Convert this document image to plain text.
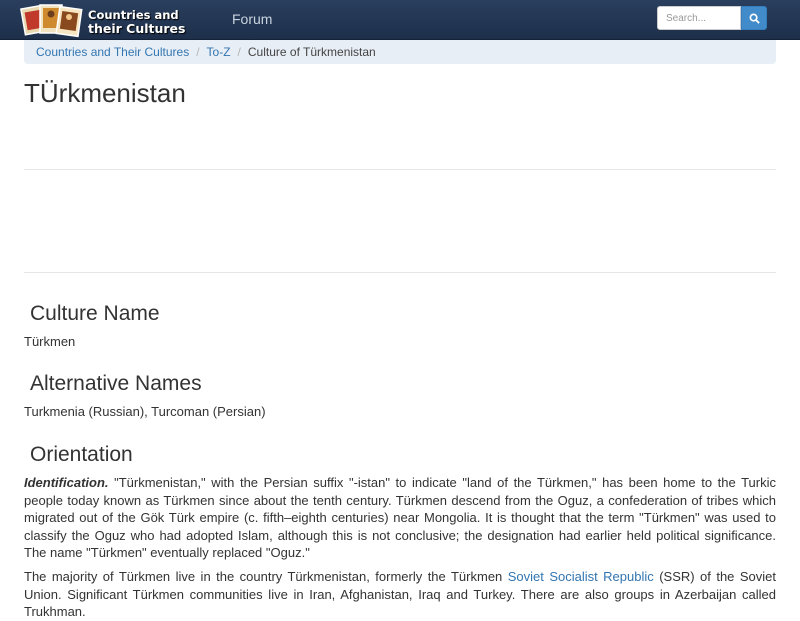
Countries and
their Cultures
Forum
Search...
Countries and Their Cultures / To-Z / Culture of Türkmenistan
TÜrkmenistan
Culture Name

Türkmen

Alternative Names

Turkmenia (Russian), Turcoman (Persian)

Orientation

Identification. "Türkmenistan," with the Persian suffix "-istan" to indicate "land of the Türkmen," has been home to the Turkic people today known as Türkmen since about the tenth century. Türkmen descend from the Oguz, a confederation of tribes which migrated out of the Gök Türk empire (c. fifth–eighth centuries) near Mongolia. It is thought that the term "Türkmen" was used to classify the Oguz who had adopted Islam, although this is not conclusive; the designation had earlier held political significance. The name "Türkmen" eventually replaced "Oguz."

The majority of Türkmen live in the country Türkmenistan, formerly the Türkmen Soviet Socialist Republic (SSR) of the Soviet Union. Significant Türkmen communities live in Iran, Afghanistan, Iraq and Turkey. There are also groups in Azerbaijan called Trukhman.
